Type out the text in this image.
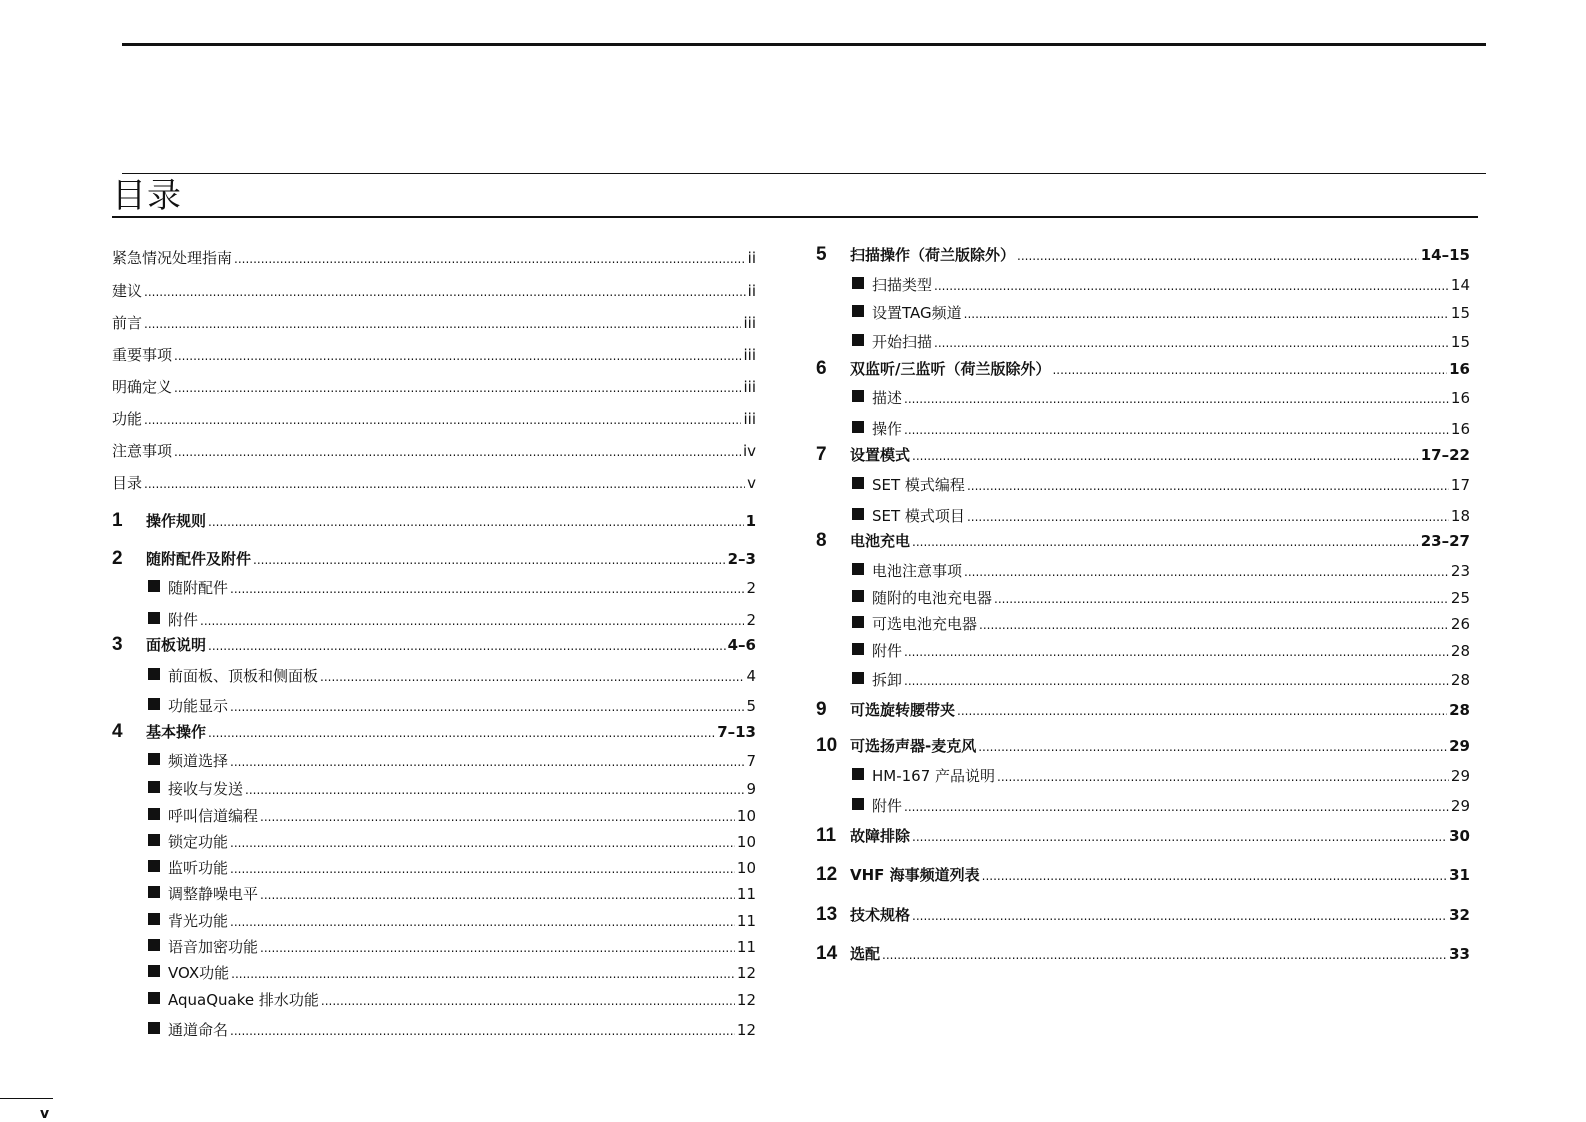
目录
紧急情况处理指南 .....	ii
建议 .....	ii
前言 .....	iii
重要事项 .....	iii
明确定义 .....	iii
功能 .....	iii
注意事项 .....	iv
目录 .....	v
1	操作规则 .....	1
2	随附配件及附件 .....	2–3
随附配件 .....	2
附件 .....	2
3	面板说明 .....	4–6
前面板、顶板和侧面板 .....	4
功能显示 .....	5
4	基本操作 .....	7–13
频道选择 .....	7
接收与发送 .....	9
呼叫信道编程 .....	10
锁定功能 .....	10
监听功能 .....	10
调整静噪电平 .....	11
背光功能 .....	11
语音加密功能 .....	11
VOX功能 .....	12
AquaQuake 排水功能 .....	12
通道命名 .....	12
5	扫描操作（荷兰版除外） .....	14–15
扫描类型 .....	14
设置TAG频道 .....	15
开始扫描 .....	15
6	双监听/三监听（荷兰版除外） .....	16
描述 .....	16
操作 .....	16
7	设置模式 .....	17–22
SET 模式编程 .....	17
SET 模式项目 .....	18
8	电池充电 .....	23–27
电池注意事项 .....	23
随附的电池充电器 .....	25
可选电池充电器 .....	26
附件 .....	28
拆卸 .....	28
9	可选旋转腰带夹 .....	28
10 可选扬声器-麦克风 .....	29
HM-167 产品说明 .....	29
附件 .....	29
11 故障排除 .....	30
12 VHF 海事频道列表 .....	31
13 技术规格 .....	32
14 选配 .....	33
v
